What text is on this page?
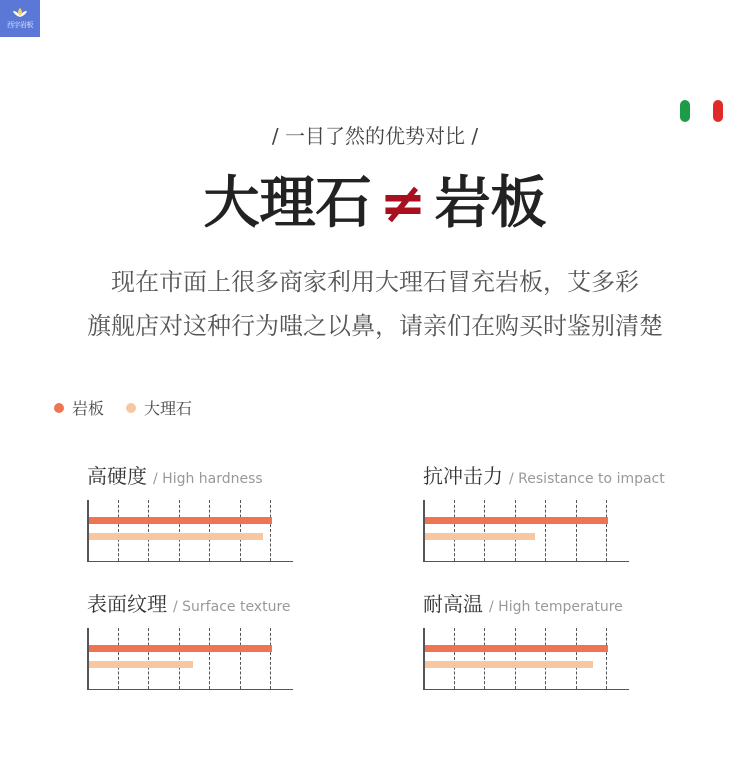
西宇岩板
/ 一目了然的优势对比 /
大理石 ≠ 岩板
现在市面上很多商家利用大理石冒充岩板，艾多彩
旗舰店对这种行为嗤之以鼻，请亲们在购买时鉴别清楚
岩板	大理石
高硬度 / High hardness	抗冲击力 / Resistance to impact
表面纹理 / Surface texture	耐高温 / High temperature
